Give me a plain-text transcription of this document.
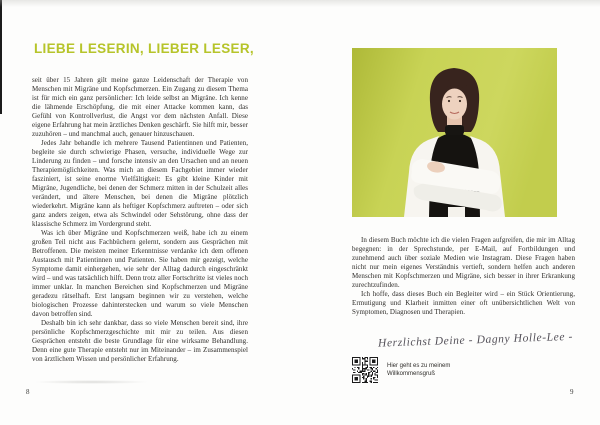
LIEBE LESERIN, LIEBER LESER,

seit über 15 Jahren gilt meine ganze Leidenschaft der Therapie von Menschen mit Migräne und Kopfschmerzen. Ein Zugang zu diesem Thema ist für mich ein ganz persönlicher: Ich leide selbst an Migräne. Ich kenne die lähmende Erschöpfung, die mit einer Attacke kommen kann, das Gefühl von Kontrollverlust, die Angst vor dem nächsten Anfall. Diese eigene Erfahrung hat mein ärztliches Denken geschärft. Sie hilft mir, besser zuzuhören – und manchmal auch, genauer hinzuschauen.

Jedes Jahr behandle ich mehrere Tausend Patientinnen und Patienten, begleite sie durch schwierige Phasen, versuche, individuelle Wege zur Linderung zu finden – und forsche intensiv an den Ursachen und an neuen Therapiemöglichkeiten. Was mich an diesem Fachgebiet immer wieder fasziniert, ist seine enorme Vielfältigkeit: Es gibt kleine Kinder mit Migräne, Jugendliche, bei denen der Schmerz mitten in der Schulzeit alles verändert, und ältere Menschen, bei denen die Migräne plötzlich wiederkehrt. Migräne kann als heftiger Kopfschmerz auftreten – oder sich ganz anders zeigen, etwa als Schwindel oder Sehstörung, ohne dass der klassische Schmerz im Vordergrund steht.

Was ich über Migräne und Kopfschmerzen weiß, habe ich zu einem großen Teil nicht aus Fachbüchern gelernt, sondern aus Gesprächen mit Betroffenen. Die meisten meiner Erkenntnisse verdanke ich dem offenen Austausch mit Patientinnen und Patienten. Sie haben mir gezeigt, welche Symptome damit einhergehen, wie sehr der Alltag dadurch eingeschränkt wird – und was tatsächlich hilft. Denn trotz aller Fortschritte ist vieles noch immer unklar. In manchen Bereichen sind Kopfschmerzen und Migräne geradezu rätselhaft. Erst langsam beginnen wir zu verstehen, welche biologischen Prozesse dahinterstecken und warum so viele Menschen davon betroffen sind.

Deshalb bin ich sehr dankbar, dass so viele Menschen bereit sind, ihre persönliche Kopfschmerzgeschichte mit mir zu teilen. Aus diesen Gesprächen entsteht die beste Grundlage für eine wirksame Behandlung. Denn eine gute Therapie entsteht nur im Miteinander – im Zusammenspiel von ärztlichem Wissen und persönlicher Erfahrung.

8

In diesem Buch möchte ich die vielen Fragen aufgreifen, die mir im Alltag begegnen: in der Sprechstunde, per E-Mail, auf Fortbildungen und zunehmend auch über soziale Medien wie Instagram. Diese Fragen haben nicht nur mein eigenes Verständnis vertieft, sondern helfen auch anderen Menschen mit Kopfschmerzen und Migräne, sich besser in ihrer Erkrankung zurechtzufinden.

Ich hoffe, dass dieses Buch ein Begleiter wird – ein Stück Orientierung, Ermutigung und Klarheit inmitten einer oft unübersichtlichen Welt von Symptomen, Diagnosen und Therapien.

Herzlichst Deine - Dagny Holle-Lee -
Hier geht es zu meinem
Willkommensgruß
9
